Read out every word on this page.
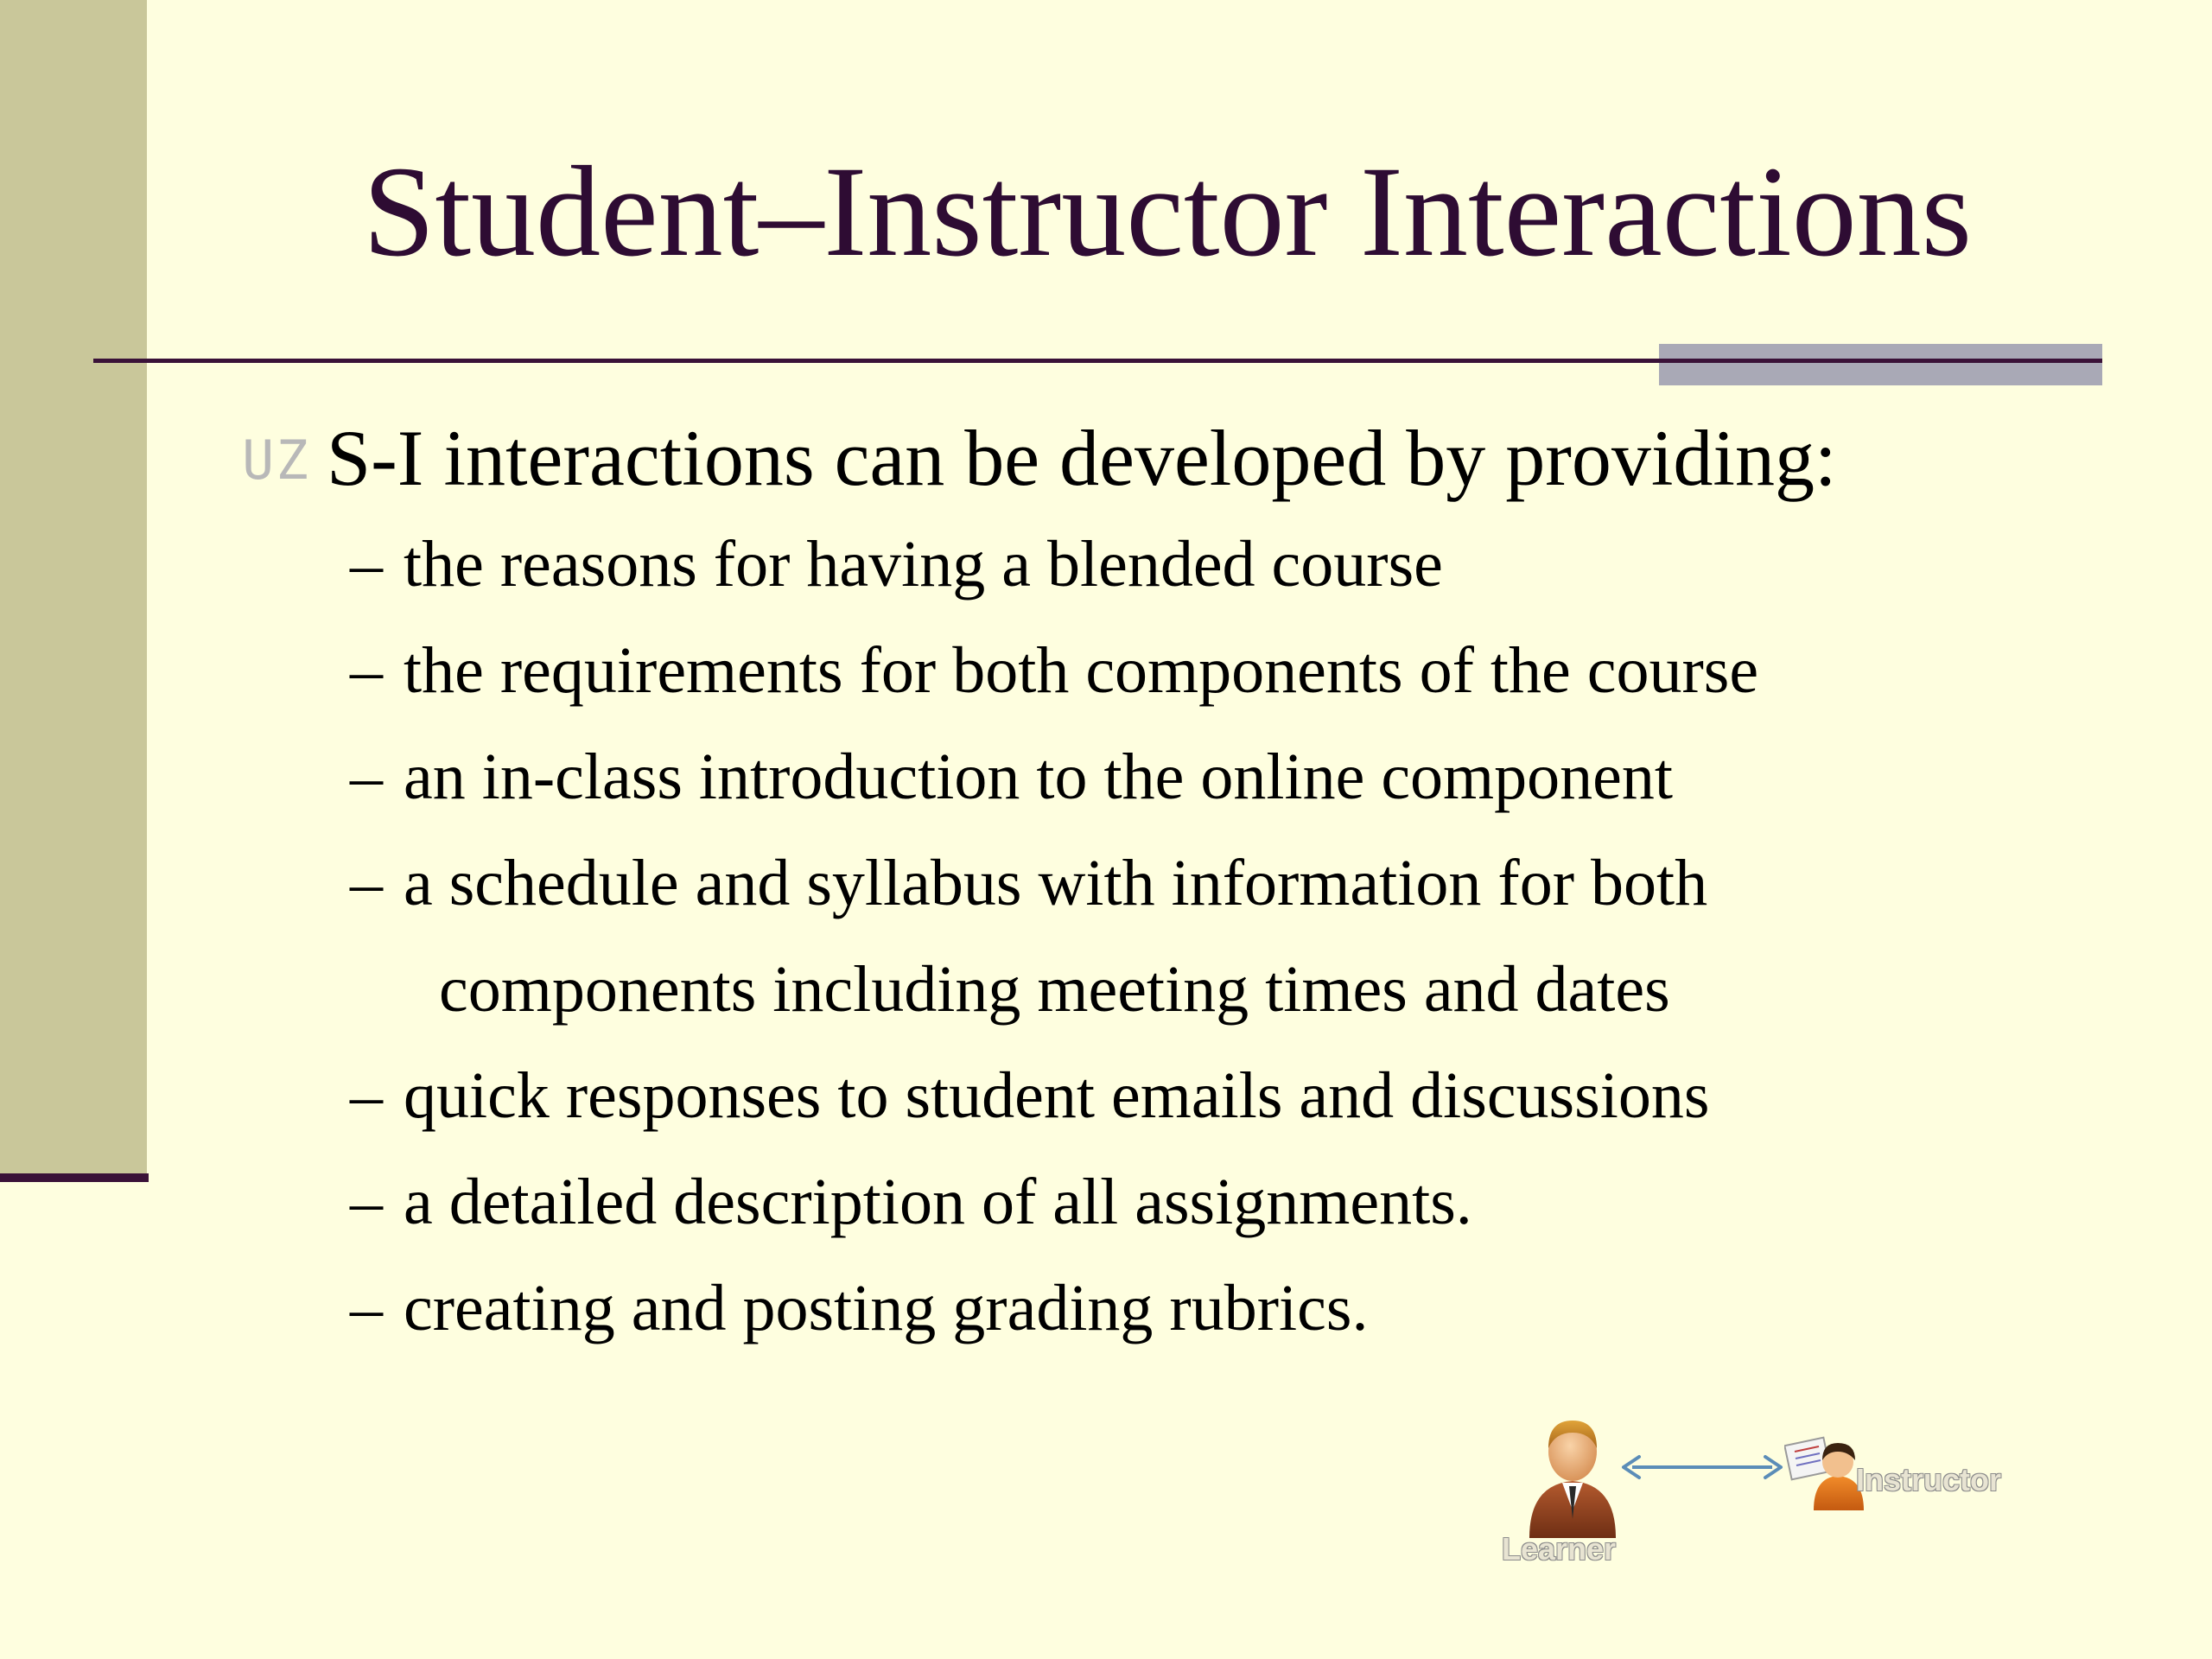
Student–Instructor Interactions
UZ S-I interactions can be developed by providing:
– the reasons for having a blended course
– the requirements for both components of the course
– an in-class introduction to the online component
– a schedule and syllabus with information for both
components including meeting times and dates
– quick responses to student emails and discussions
– a detailed description of all assignments.
– creating and posting grading rubrics.
Learner
Instructor
